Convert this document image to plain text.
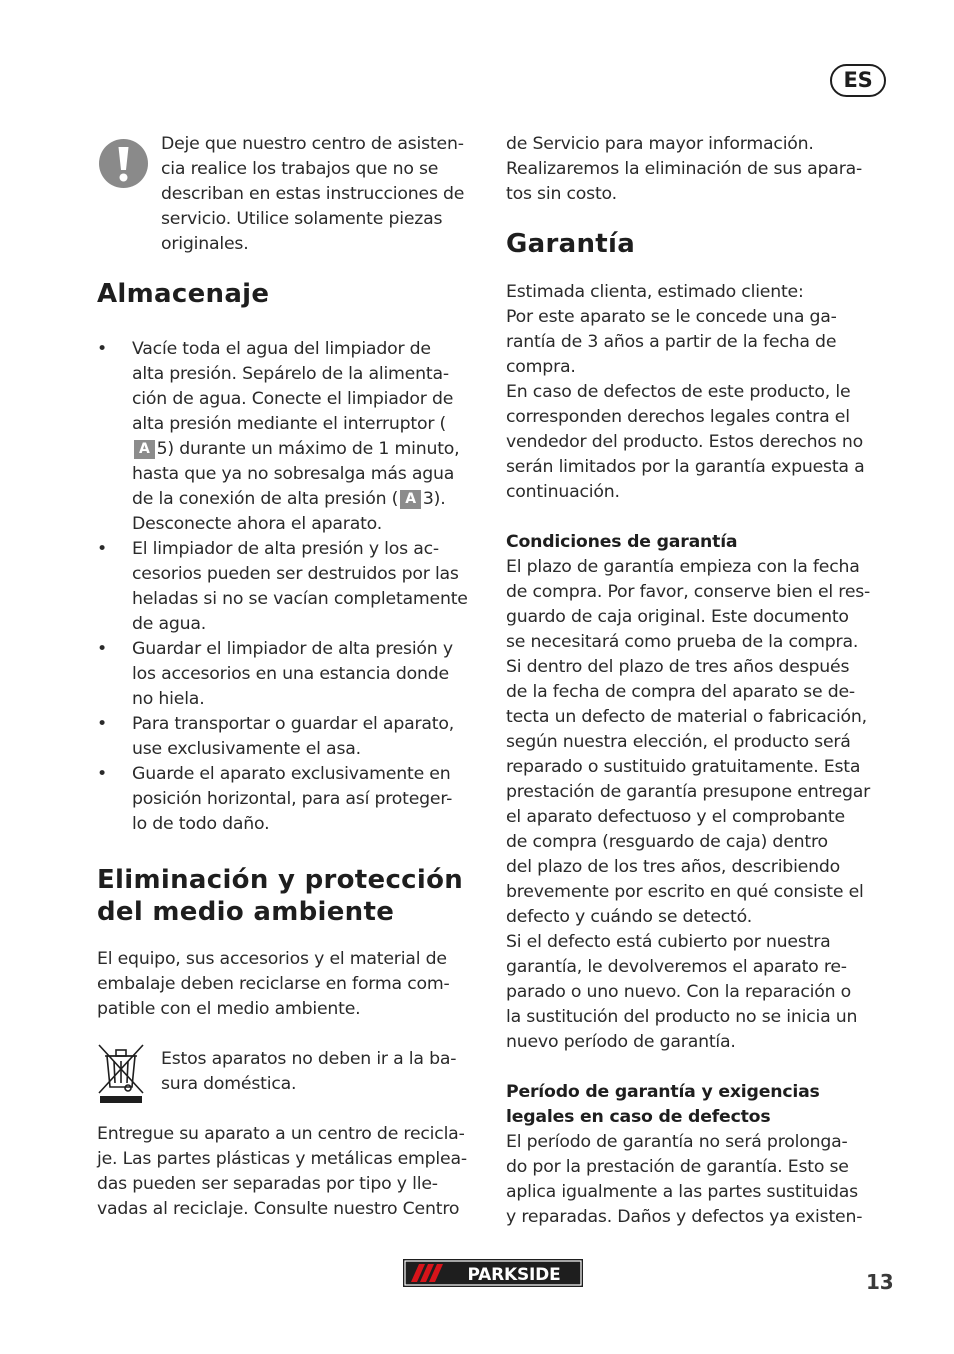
ES
Deje que nuestro centro de asisten-
cia realice los trabajos que no se
describan en estas instrucciones de
servicio. Utilice solamente piezas
originales.
Almacenaje
• Vacíe toda el agua del limpiador de
alta presión. Sepárelo de la alimenta-
ción de agua. Conecte el limpiador de
alta presión mediante el interruptor (
A 5) durante un máximo de 1 minuto,
hasta que ya no sobresalga más agua
de la conexión de alta presión ( A 3).
Desconecte ahora el aparato.
• El limpiador de alta presión y los ac-
cesorios pueden ser destruidos por las
heladas si no se vacían completamente
de agua.
• Guardar el limpiador de alta presión y
los accesorios en una estancia donde
no hiela.
• Para transportar o guardar el aparato,
use exclusivamente el asa.
• Guarde el aparato exclusivamente en
posición horizontal, para así proteger-
lo de todo daño.
Eliminación y protección
del medio ambiente
El equipo, sus accesorios y el material de
embalaje deben reciclarse en forma com-
patible con el medio ambiente.
Estos aparatos no deben ir a la ba-
sura doméstica.
Entregue su aparato a un centro de recicla-
je. Las partes plásticas y metálicas emplea-
das pueden ser separadas por tipo y lle-
vadas al reciclaje. Consulte nuestro Centro
de Servicio para mayor información.
Realizaremos la eliminación de sus apara-
tos sin costo.
Garantía
Estimada clienta, estimado cliente:
Por este aparato se le concede una ga-
rantía de 3 años a partir de la fecha de
compra.
En caso de defectos de este producto, le
corresponden derechos legales contra el
vendedor del producto. Estos derechos no
serán limitados por la garantía expuesta a
continuación.
Condiciones de garantía
El plazo de garantía empieza con la fecha
de compra. Por favor, conserve bien el res-
guardo de caja original. Este documento
se necesitará como prueba de la compra.
Si dentro del plazo de tres años después
de la fecha de compra del aparato se de-
tecta un defecto de material o fabricación,
según nuestra elección, el producto será
reparado o sustituido gratuitamente. Esta
prestación de garantía presupone entregar
el aparato defectuoso y el comprobante
de compra (resguardo de caja) dentro
del plazo de los tres años, describiendo
brevemente por escrito en qué consiste el
defecto y cuándo se detectó.
Si el defecto está cubierto por nuestra
garantía, le devolveremos el aparato re-
parado o uno nuevo. Con la reparación o
la sustitución del producto no se inicia un
nuevo período de garantía.
Período de garantía y exigencias
legales en caso de defectos
El período de garantía no será prolonga-
do por la prestación de garantía. Esto se
aplica igualmente a las partes sustituidas
y reparadas. Daños y defectos ya existen-
PARKSIDE	13
